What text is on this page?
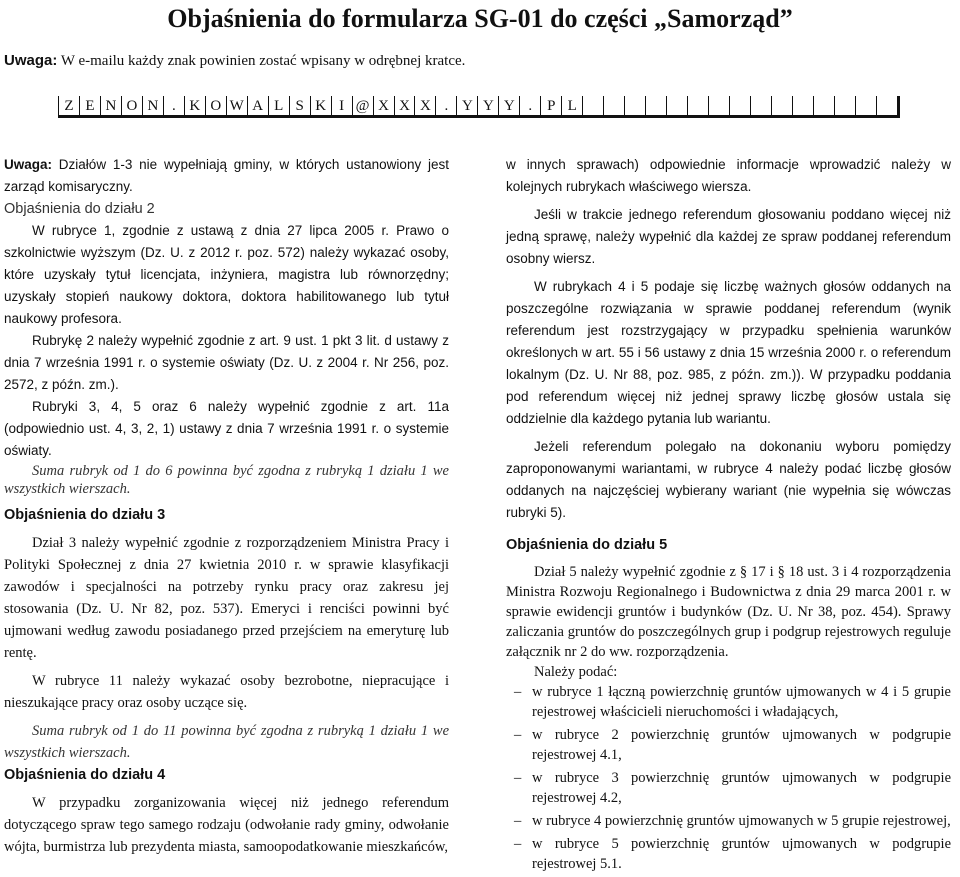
Objaśnienia do formularza SG-01 do części „Samorząd”
Uwaga: W e-mailu każdy znak powinien zostać wpisany w odrębnej kratce.
Z E N O N . K O W A L S K I @ X X X . Y Y Y . P L

Uwaga: Działów 1-3 nie wypełniają gminy, w których ustanowiony jest zarząd komisaryczny.

Objaśnienia do działu 2

W rubryce 1, zgodnie z ustawą z dnia 27 lipca 2005 r. Prawo o szkolnictwie wyższym (Dz. U. z 2012 r. poz. 572) należy wykazać osoby, które uzyskały tytuł licencjata, inżyniera, magistra lub równorzędny; uzyskały stopień naukowy doktora, doktora habilitowanego lub tytuł naukowy profesora.

Rubrykę 2 należy wypełnić zgodnie z art. 9 ust. 1 pkt 3 lit. d ustawy z dnia 7 września 1991 r. o systemie oświaty (Dz. U. z 2004 r. Nr 256, poz. 2572, z późn. zm.).

Rubryki 3, 4, 5 oraz 6 należy wypełnić zgodnie z art. 11a (odpowiednio ust. 4, 3, 2, 1) ustawy z dnia 7 września 1991 r. o systemie oświaty.

Suma rubryk od 1 do 6 powinna być zgodna z rubryką 1 działu 1 we wszystkich wierszach.

Objaśnienia do działu 3

Dział 3 należy wypełnić zgodnie z rozporządzeniem Ministra Pracy i Polityki Społecznej z dnia 27 kwietnia 2010 r. w sprawie klasyfikacji zawodów i specjalności na potrzeby rynku pracy oraz zakresu jej stosowania (Dz. U. Nr 82, poz. 537). Emeryci i renciści powinni być ujmowani według zawodu posiadanego przed przejściem na emeryturę lub rentę.

W rubryce 11 należy wykazać osoby bezrobotne, niepracujące i nieszukające pracy oraz osoby uczące się.

Suma rubryk od 1 do 11 powinna być zgodna z rubryką 1 działu 1 we wszystkich wierszach.

Objaśnienia do działu 4

W przypadku zorganizowania więcej niż jednego referendum dotyczącego spraw tego samego rodzaju (odwołanie rady gminy, odwołanie wójta, burmistrza lub prezydenta miasta, samoopodatkowanie mieszkańców,

w innych sprawach) odpowiednie informacje wprowadzić należy w kolejnych rubrykach właściwego wiersza.

Jeśli w trakcie jednego referendum głosowaniu poddano więcej niż jedną sprawę, należy wypełnić dla każdej ze spraw poddanej referendum osobny wiersz.

W rubrykach 4 i 5 podaje się liczbę ważnych głosów oddanych na poszczególne rozwiązania w sprawie poddanej referendum (wynik referendum jest rozstrzygający w przypadku spełnienia warunków określonych w art. 55 i 56 ustawy z dnia 15 września 2000 r. o referendum lokalnym (Dz. U. Nr 88, poz. 985, z późn. zm.)). W przypadku poddania pod referendum więcej niż jednej sprawy liczbę głosów ustala się oddzielnie dla każdego pytania lub wariantu.

Jeżeli referendum polegało na dokonaniu wyboru pomiędzy zaproponowanymi wariantami, w rubryce 4 należy podać liczbę głosów oddanych na najczęściej wybierany wariant (nie wypełnia się wówczas rubryki 5).

Objaśnienia do działu 5

Dział 5 należy wypełnić zgodnie z § 17 i § 18 ust. 3 i 4 rozporządzenia Ministra Rozwoju Regionalnego i Budownictwa z dnia 29 marca 2001 r. w sprawie ewidencji gruntów i budynków (Dz. U. Nr 38, poz. 454). Sprawy zaliczania gruntów do poszczególnych grup i podgrup rejestrowych reguluje załącznik nr 2 do ww. rozporządzenia.

Należy podać:

– w rubryce 1 łączną powierzchnię gruntów ujmowanych w 4 i 5 grupie rejestrowej właścicieli nieruchomości i władających,
– w rubryce 2 powierzchnię gruntów ujmowanych w podgrupie rejestrowej 4.1,
– w rubryce 3 powierzchnię gruntów ujmowanych w podgrupie rejestrowej 4.2,
– w rubryce 4 powierzchnię gruntów ujmowanych w 5 grupie rejestrowej,
– w rubryce 5 powierzchnię gruntów ujmowanych w podgrupie rejestrowej 5.1.
